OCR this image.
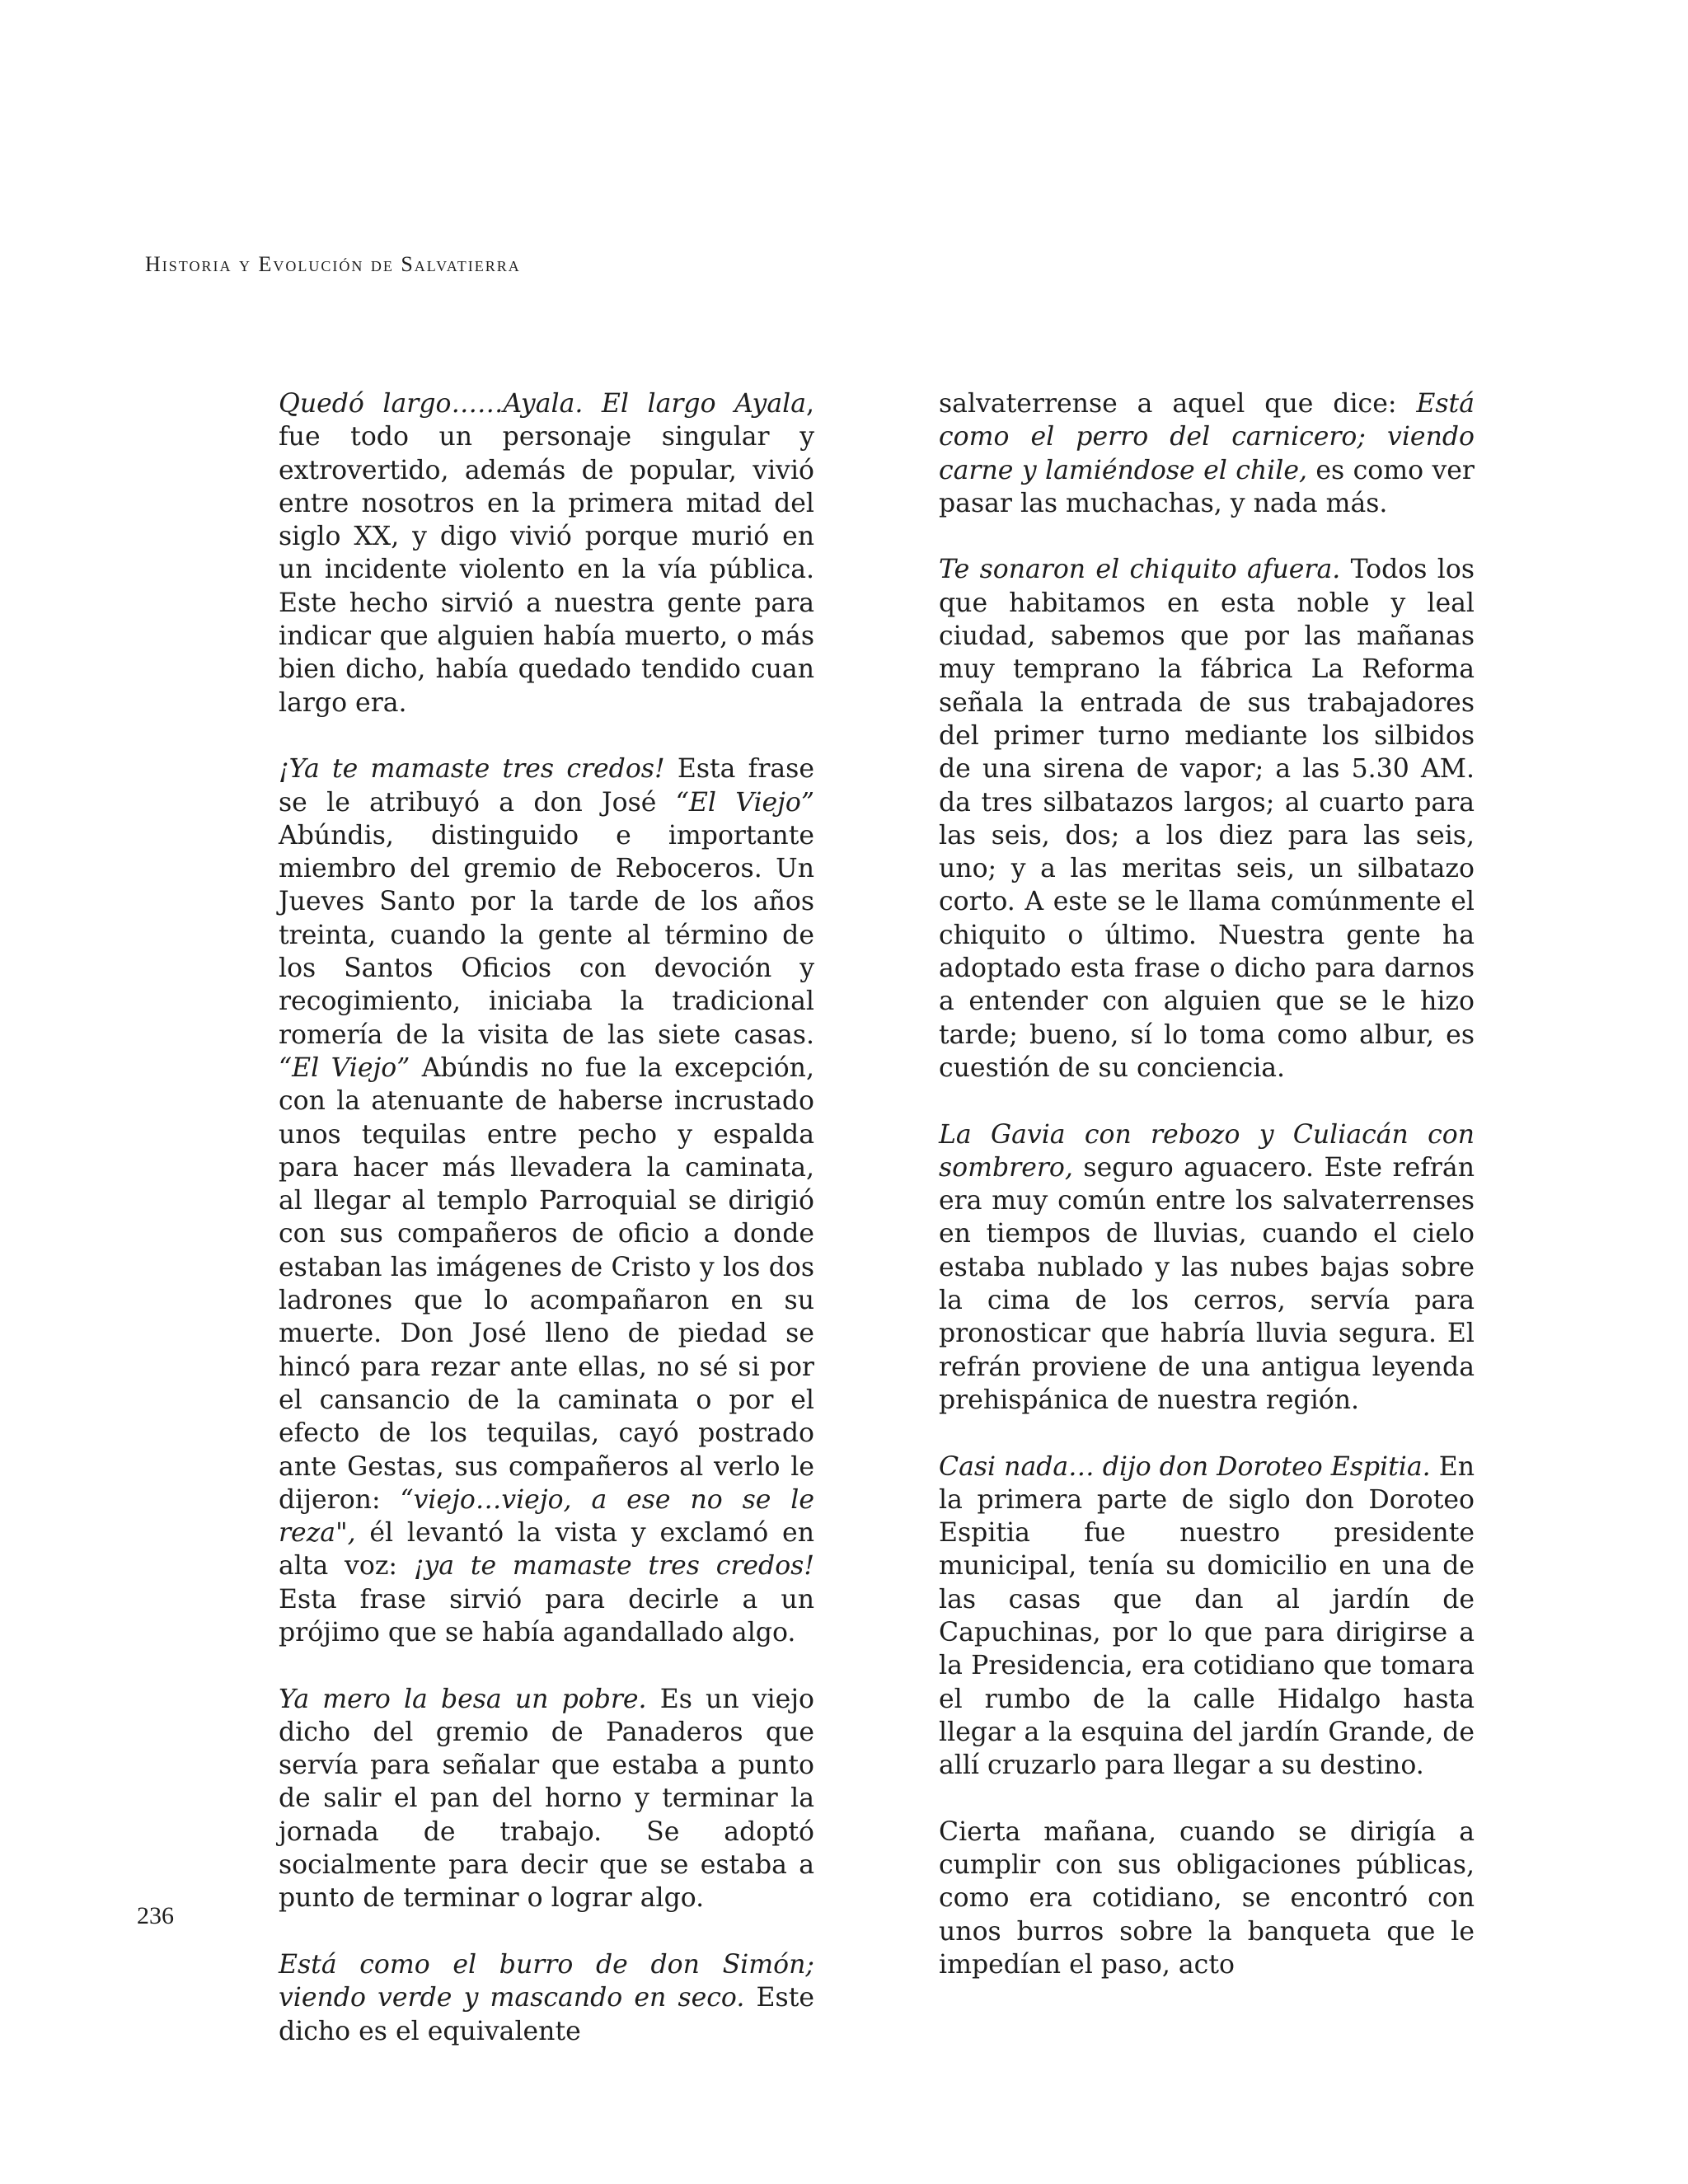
Historia y Evolución de Salvatierra

Quedó largo……Ayala. El largo Ayala, fue todo un personaje singular y extrovertido, además de popular, vivió entre nosotros en la primera mitad del siglo XX, y digo vivió porque murió en un incidente violento en la vía pública. Este hecho sirvió a nuestra gente para indicar que alguien había muerto, o más bien dicho, había quedado tendido cuan largo era.

¡Ya te mamaste tres credos! Esta frase se le atribuyó a don José “El Viejo” Abúndis, distinguido e importante miembro del gremio de Reboceros. Un Jueves Santo por la tarde de los años treinta, cuando la gente al término de los Santos Oficios con devoción y recogimiento, iniciaba la tradicional romería de la visita de las siete casas. “El Viejo” Abúndis no fue la excepción, con la atenuante de haberse incrustado unos tequilas entre pecho y espalda para hacer más llevadera la caminata, al llegar al templo Parroquial se dirigió con sus compañeros de oficio a donde estaban las imágenes de Cristo y los dos ladrones que lo acompañaron en su muerte. Don José lleno de piedad se hincó para rezar ante ellas, no sé si por el cansancio de la caminata o por el efecto de los tequilas, cayó postrado ante Gestas, sus compañeros al verlo le dijeron: “viejo…viejo, a ese no se le reza", él levantó la vista y exclamó en alta voz: ¡ya te mamaste tres credos! Esta frase sirvió para decirle a un prójimo que se había agandallado algo.

Ya mero la besa un pobre. Es un viejo dicho del gremio de Panaderos que servía para señalar que estaba a punto de salir el pan del horno y terminar la jornada de trabajo. Se adoptó socialmente para decir que se estaba a punto de terminar o lograr algo.

Está como el burro de don Simón; viendo verde y mascando en seco. Este dicho es el equivalente

salvaterrense a aquel que dice: Está como el perro del carnicero; viendo carne y lamiéndose el chile, es como ver pasar las muchachas, y nada más.

Te sonaron el chiquito afuera. Todos los que habitamos en esta noble y leal ciudad, sabemos que por las mañanas muy temprano la fábrica La Reforma señala la entrada de sus trabajadores del primer turno mediante los silbidos de una sirena de vapor; a las 5.30 AM. da tres silbatazos largos; al cuarto para las seis, dos; a los diez para las seis, uno; y a las meritas seis, un silbatazo corto. A este se le llama comúnmente el chiquito o último. Nuestra gente ha adoptado esta frase o dicho para darnos a entender con alguien que se le hizo tarde; bueno, sí lo toma como albur, es cuestión de su conciencia.

La Gavia con rebozo y Culiacán con sombrero, seguro aguacero. Este refrán era muy común entre los salvaterrenses en tiempos de lluvias, cuando el cielo estaba nublado y las nubes bajas sobre la cima de los cerros, servía para pronosticar que habría lluvia segura. El refrán proviene de una antigua leyenda prehispánica de nuestra región.

Casi nada… dijo don Doroteo Espitia. En la primera parte de siglo don Doroteo Espitia fue nuestro presidente municipal, tenía su domicilio en una de las casas que dan al jardín de Capuchinas, por lo que para dirigirse a la Presidencia, era cotidiano que tomara el rumbo de la calle Hidalgo hasta llegar a la esquina del jardín Grande, de allí cruzarlo para llegar a su destino.

Cierta mañana, cuando se dirigía a cumplir con sus obligaciones públicas, como era cotidiano, se encontró con unos burros sobre la banqueta que le impedían el paso, acto

236
